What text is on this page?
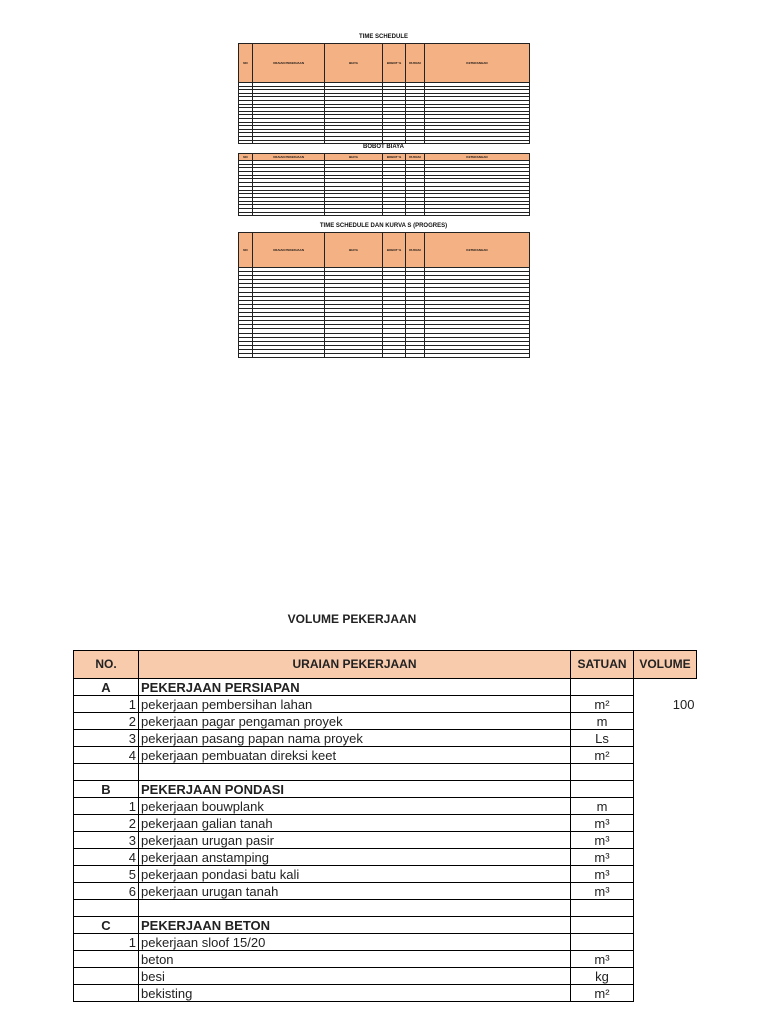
TIME SCHEDULE
NO	URAIAN PEKERJAAN	BIAYA	BOBOT %	DURASI	KETERANGAN

BOBOT BIAYA
NO	URAIAN PEKERJAAN	BIAYA	BOBOT %	DURASI	KETERANGAN

TIME SCHEDULE DAN KURVA S (PROGRES)
NO	URAIAN PEKERJAAN	BIAYA	BOBOT %	DURASI	KETERANGAN

VOLUME PEKERJAAN
NO.	URAIAN PEKERJAAN	SATUAN	VOLUME
A	PEKERJAAN PERSIAPAN		
1	pekerjaan pembersihan lahan	m²	100
2	pekerjaan pagar pengaman proyek	m	
3	pekerjaan pasang papan nama proyek	Ls	
4	pekerjaan pembuatan direksi keet	m²	

B	PEKERJAAN PONDASI		
1	pekerjaan bouwplank	m	
2	pekerjaan galian tanah	m³	
3	pekerjaan urugan pasir	m³	
4	pekerjaan anstamping	m³	
5	pekerjaan pondasi batu kali	m³	
6	pekerjaan urugan tanah	m³	

C	PEKERJAAN BETON		
1	pekerjaan sloof 15/20		
	beton	m³	
	besi	kg	
	bekisting	m²	
